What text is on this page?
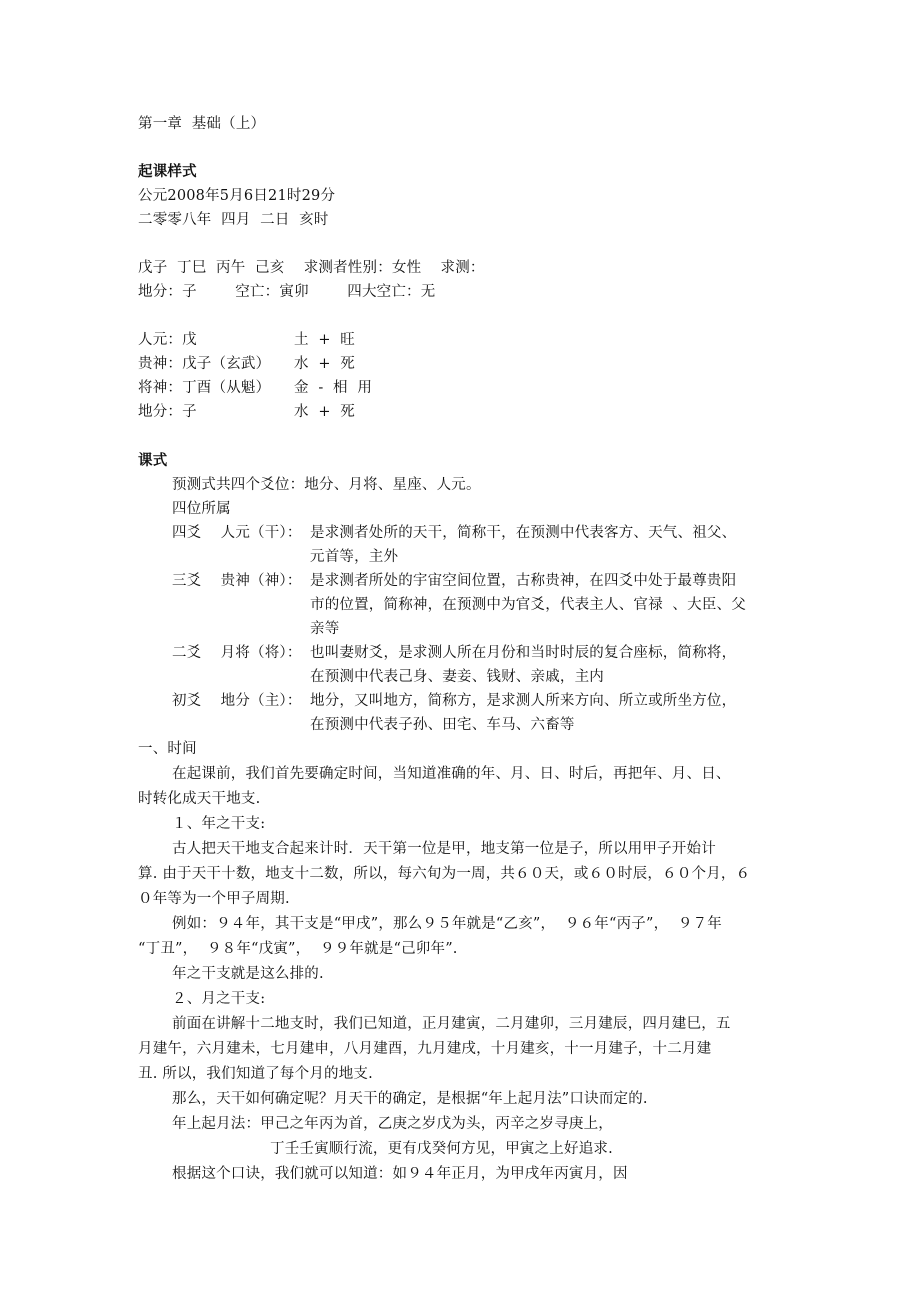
第一章  基础（上）
起课样式
公元2008年5月6日21时29分
二零零八年  四月  二日  亥时
戊子  丁巳  丙午  己亥    求测者性别：女性    求测：
地分：子        空亡：寅卯        四大空亡：无
人元：戊	土  +  旺
贵神：戊子（玄武） 水  +  死
将神：丁酉（从魁） 金  -  相  用
地分：子	水  +  死
课式
预测式共四个爻位：地分、月将、星座、人元。
四位所属
四爻    人元（干）： 是求测者处所的天干，简称干，在预测中代表客方、天气、祖父、
元首等，主外
三爻    贵神（神）： 是求测者所处的宇宙空间位置，古称贵神，在四爻中处于最尊贵阳
市的位置，简称神，在预测中为官爻，代表主人、官禄  、大臣、父
亲等
二爻    月将（将）： 也叫妻财爻，是求测人所在月份和当时时辰的复合座标，简称将，
在预测中代表己身、妻妾、钱财、亲戚，主内
初爻    地分（主）： 地分，又叫地方，简称方，是求测人所来方向、所立或所坐方位，
在预测中代表子孙、田宅、车马、六畜等
一、时间
在起课前，我们首先要确定时间，当知道准确的年、月、日、时后，再把年、月、日、
时转化成天干地支.
１、年之干支:
古人把天干地支合起来计时．天干第一位是甲，地支第一位是子，所以用甲子开始计
算. 由于天干十数，地支十二数，所以，每六旬为一周，共６０天，或６０时辰，６０个月，６
０年等为一个甲子周期.
例如：９４年，其干支是“甲戌”，那么９５年就是“乙亥”，  ９６年“丙子”，  ９７年
“丁丑”，  ９８年“戊寅”，  ９９年就是“己卯年”.
年之干支就是这么排的.
２、月之干支:
前面在讲解十二地支时，我们已知道，正月建寅，二月建卯，三月建辰，四月建巳，五
月建午，六月建未，七月建申，八月建酉，九月建戌，十月建亥，十一月建子，十二月建
丑. 所以，我们知道了每个月的地支.
那么，天干如何确定呢？月天干的确定，是根据“年上起月法”口诀而定的.
年上起月法：甲己之年丙为首，乙庚之岁戊为头，丙辛之岁寻庚上，
丁壬壬寅顺行流，更有戊癸何方见，甲寅之上好追求.
根据这个口诀，我们就可以知道：如９４年正月，为甲戌年丙寅月，因
